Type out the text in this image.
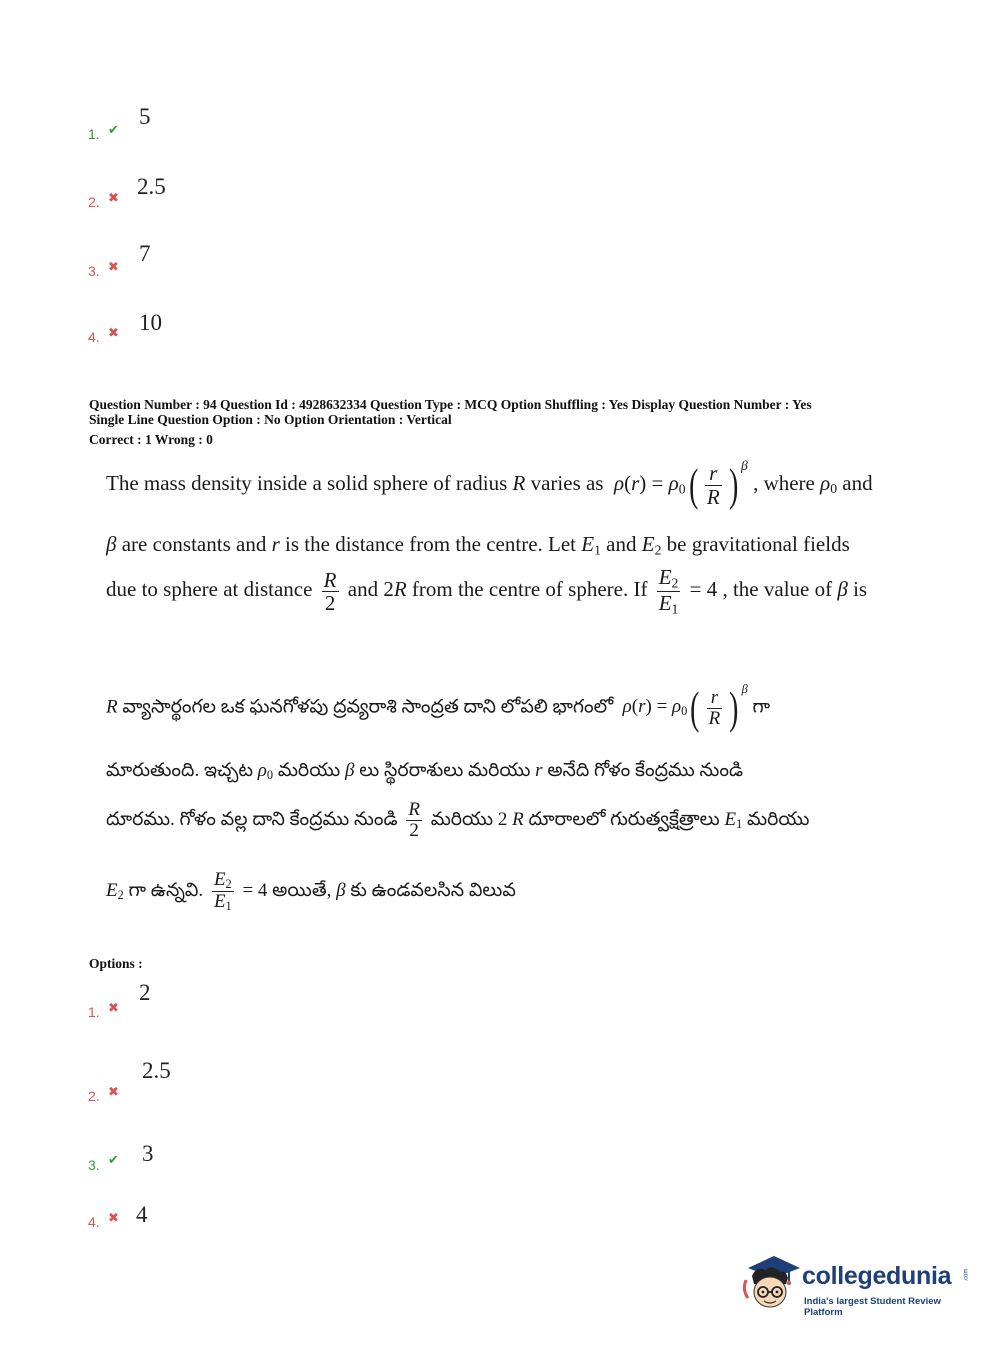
1. ✔
5
2. ✖ 2.5
3. ✖
7
4. ✖ 10
Question Number : 94 Question Id : 4928632334 Question Type : MCQ Option Shuffling : Yes Display Question Number : Yes
Single Line Question Option : No Option Orientation : Vertical
Correct : 1 Wrong : 0
The mass density inside a solid sphere of radius R varies as $\rho(r) = \rho_0( \frac{r}{R}$ ) $^\beta$ , where $\rho_0$ and
β are constants and r is the distance from the centre. Let $E_1$ and $E_2$ be gravitational fields
due to sphere at distance $\frac{R}{2}$ and 2R from the centre of sphere. If $\frac{E_2}{E_1} = 4$ , the value of β is
R వ్యాసార్థంగల ఒక ఘనగోళపు ద్రవ్యరాశి సాంద్రత దాని లోపలి భాగంలో $\rho(r) = \rho_0( \frac{r}{R}$ ) $^\beta$ గా
మారుతుంది. ఇచ్చట $\rho_0$ మరియు β లు స్థిరరాశులు మరియు r అనేది గోళం కేంద్రము నుండి
దూరము. గోళం వల్ల దాని కేంద్రము నుండి $\frac{R}{2}$ మరియు 2 R దూరాలలో గురుత్వక్షేత్రాలు $E_1$ మరియు
$E_2$ గా ఉన్నవి. $\frac{E_2}{E_1} = 4$ అయితే, β కు ఉండవలసిన విలువ
Options :
1. ✖
2
2. ✖
2.5
3. ✔ 3
4. ✖ 4
collegedunia .com
India's largest Student Review Platform
